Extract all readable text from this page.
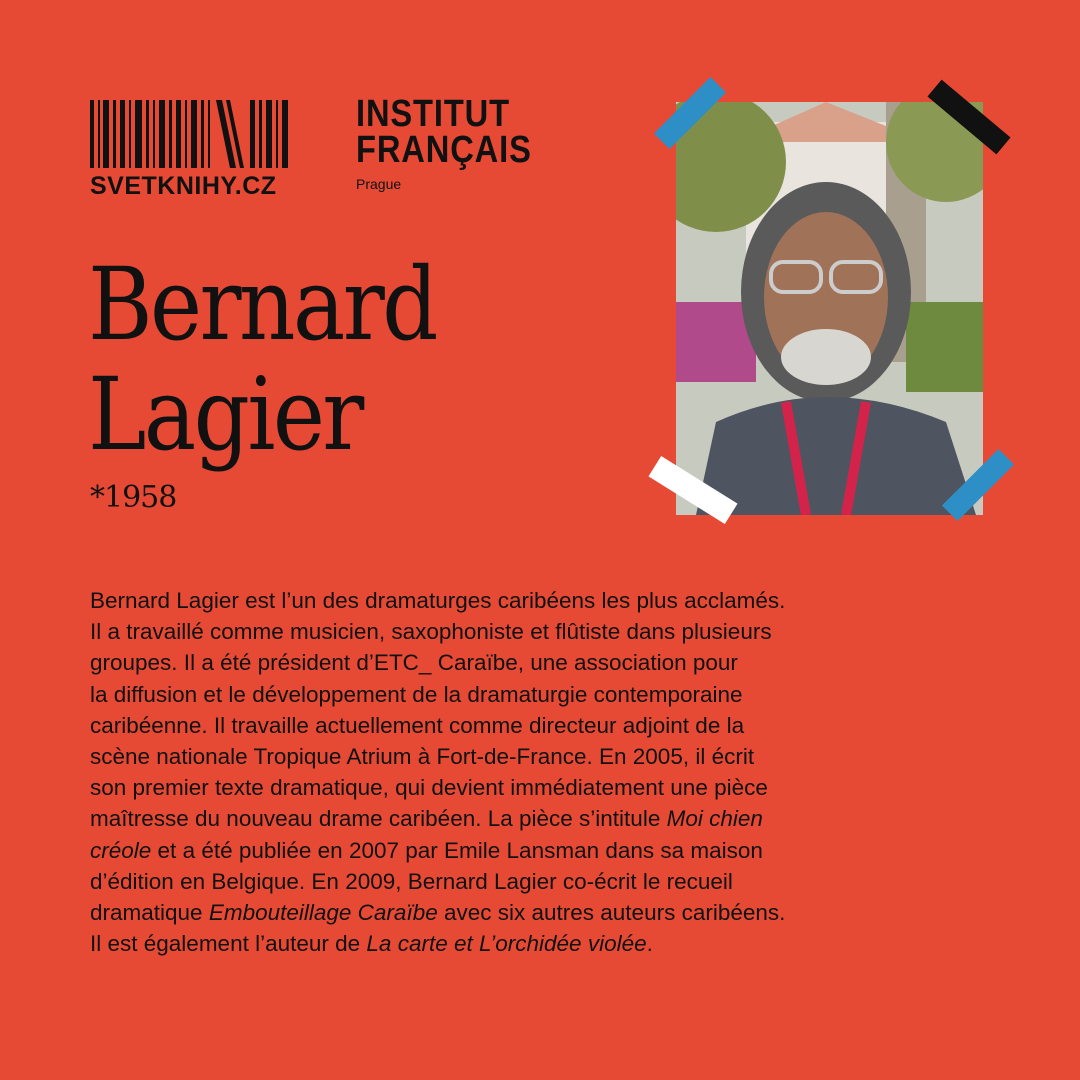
SVETKNIHY.CZ
INSTITUT
FRANÇAIS
Prague
Bernard
Lagier
*1958

Bernard Lagier est l’un des dramaturges caribéens les plus acclamés.

Il a travaillé comme musicien, saxophoniste et flûtiste dans plusieurs

groupes. Il a été président d’ETC_ Caraïbe, une association pour

la diffusion et le développement de la dramaturgie contemporaine

caribéenne. Il travaille actuellement comme directeur adjoint de la

scène nationale Tropique Atrium à Fort-de-France. En 2005, il écrit

son premier texte dramatique, qui devient immédiatement une pièce

maîtresse du nouveau drame caribéen. La pièce s’intitule Moi chien

créole et a été publiée en 2007 par Emile Lansman dans sa maison

d’édition en Belgique. En 2009, Bernard Lagier co-écrit le recueil

dramatique Embouteillage Caraïbe avec six autres auteurs caribéens.

Il est également l’auteur de La carte et L’orchidée violée.
